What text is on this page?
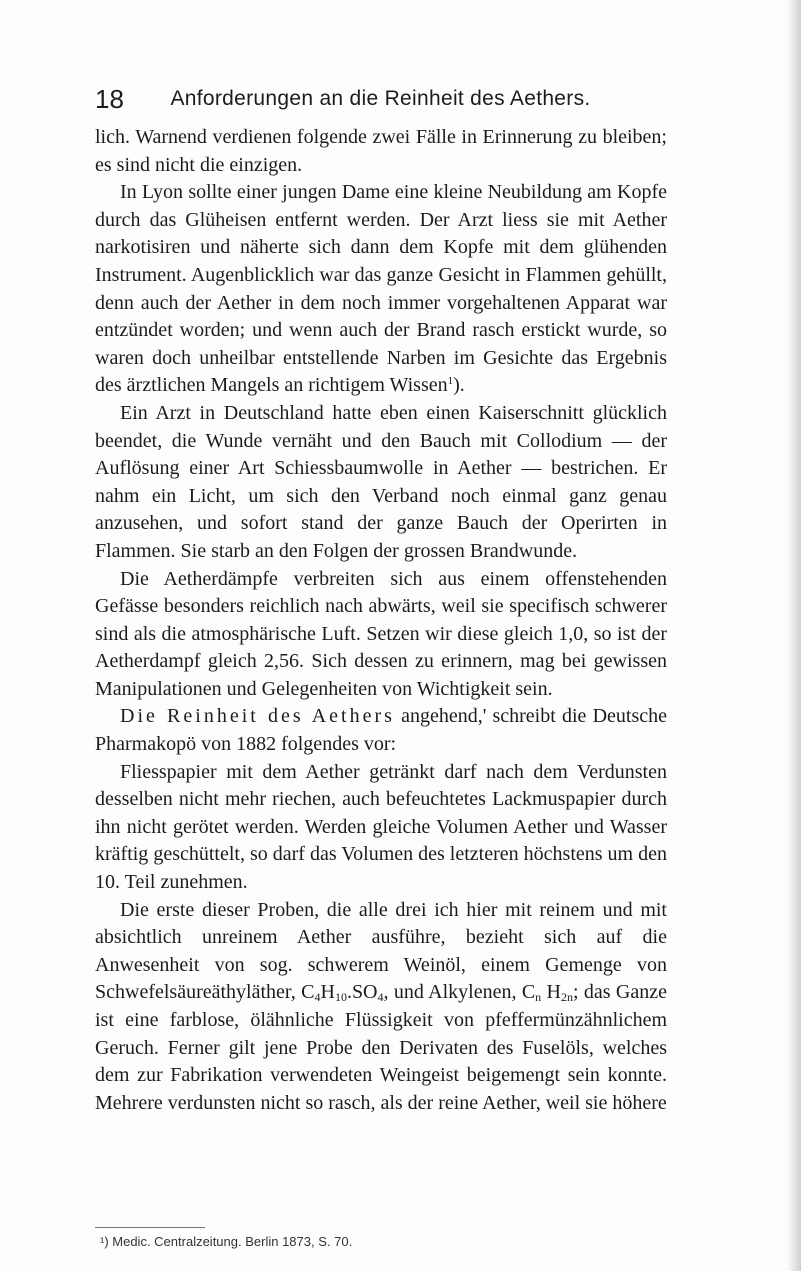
18	Anforderungen an die Reinheit des Aethers.

lich. Warnend verdienen folgende zwei Fälle in Erinnerung zu bleiben; es sind nicht die einzigen.

In Lyon sollte einer jungen Dame eine kleine Neubildung am Kopfe durch das Glüheisen entfernt werden. Der Arzt liess sie mit Aether narkotisiren und näherte sich dann dem Kopfe mit dem glühenden Instrument. Augenblicklich war das ganze Gesicht in Flammen gehüllt, denn auch der Aether in dem noch immer vorgehaltenen Apparat war entzündet worden; und wenn auch der Brand rasch erstickt wurde, so waren doch unheilbar entstellende Narben im Gesichte das Ergebnis des ärztlichen Mangels an richtigem Wissen$^1$).

Ein Arzt in Deutschland hatte eben einen Kaiserschnitt glücklich beendet, die Wunde vernäht und den Bauch mit Collodium — der Auflösung einer Art Schiessbaumwolle in Aether — bestrichen. Er nahm ein Licht, um sich den Verband noch einmal ganz genau anzusehen, und sofort stand der ganze Bauch der Operirten in Flammen. Sie starb an den Folgen der grossen Brandwunde.

Die Aetherdämpfe verbreiten sich aus einem offenstehenden Gefässe besonders reichlich nach abwärts, weil sie specifisch schwerer sind als die atmosphärische Luft. Setzen wir diese gleich 1,0, so ist der Aetherdampf gleich 2,56. Sich dessen zu erinnern, mag bei gewissen Manipulationen und Gelegenheiten von Wichtigkeit sein.

Die Reinheit des Aethers angehend,' schreibt die Deutsche Pharmakopö von 1882 folgendes vor:

Fliesspapier mit dem Aether getränkt darf nach dem Verdunsten desselben nicht mehr riechen, auch befeuchtetes Lackmuspapier durch ihn nicht gerötet werden. Werden gleiche Volumen Aether und Wasser kräftig geschüttelt, so darf das Volumen des letzteren höchstens um den 10. Teil zunehmen.

Die erste dieser Proben, die alle drei ich hier mit reinem und mit absichtlich unreinem Aether ausführe, bezieht sich auf die Anwesenheit von sog. schwerem Weinöl, einem Gemenge von Schwefelsäureäthyläther, $C_4H_{10}.SO_4$, und Alkylenen, $C_n$ $H_{2n}$; das Ganze ist eine farblose, ölähnliche Flüssigkeit von pfeffermünzähnlichem Geruch. Ferner gilt jene Probe den Derivaten des Fuselöls, welches dem zur Fabrikation verwendeten Weingeist beigemengt sein konnte. Mehrere verdunsten nicht so rasch, als der reine Aether, weil sie höhere

¹) Medic. Centralzeitung. Berlin 1873, S. 70.
